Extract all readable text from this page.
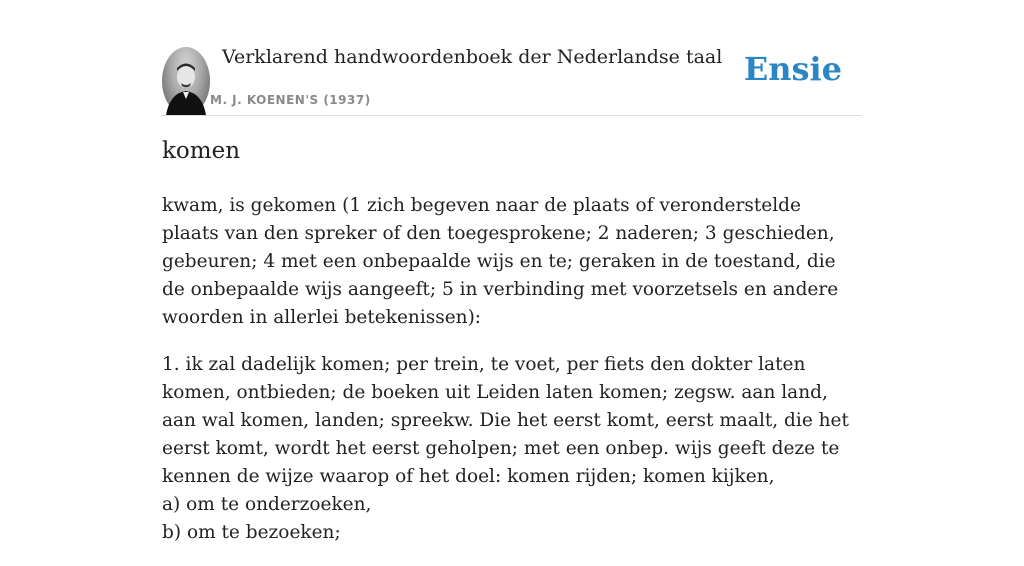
Verklarend handwoordenboek der Nederlandse taal
M. J. KOENEN'S (1937)
Ensie
komen

kwam, is gekomen (1 zich begeven naar de plaats of veronderstelde plaats van den spreker of den toegesprokene; 2 naderen; 3 geschieden, gebeuren; 4 met een onbepaalde wijs en te; geraken in de toestand, die de onbepaalde wijs aangeeft; 5 in verbinding met voorzetsels en andere woorden in allerlei betekenissen):

1. ik zal dadelijk komen; per trein, te voet, per fiets den dokter laten komen, ontbieden; de boeken uit Leiden laten komen; zegsw. aan land, aan wal komen, landen; spreekw. Die het eerst komt, eerst maalt, die het eerst komt, wordt het eerst geholpen; met een onbep. wijs geeft deze te kennen de wijze waarop of het doel: komen rijden; komen kijken,
a) om te onderzoeken,
b) om te bezoeken;
